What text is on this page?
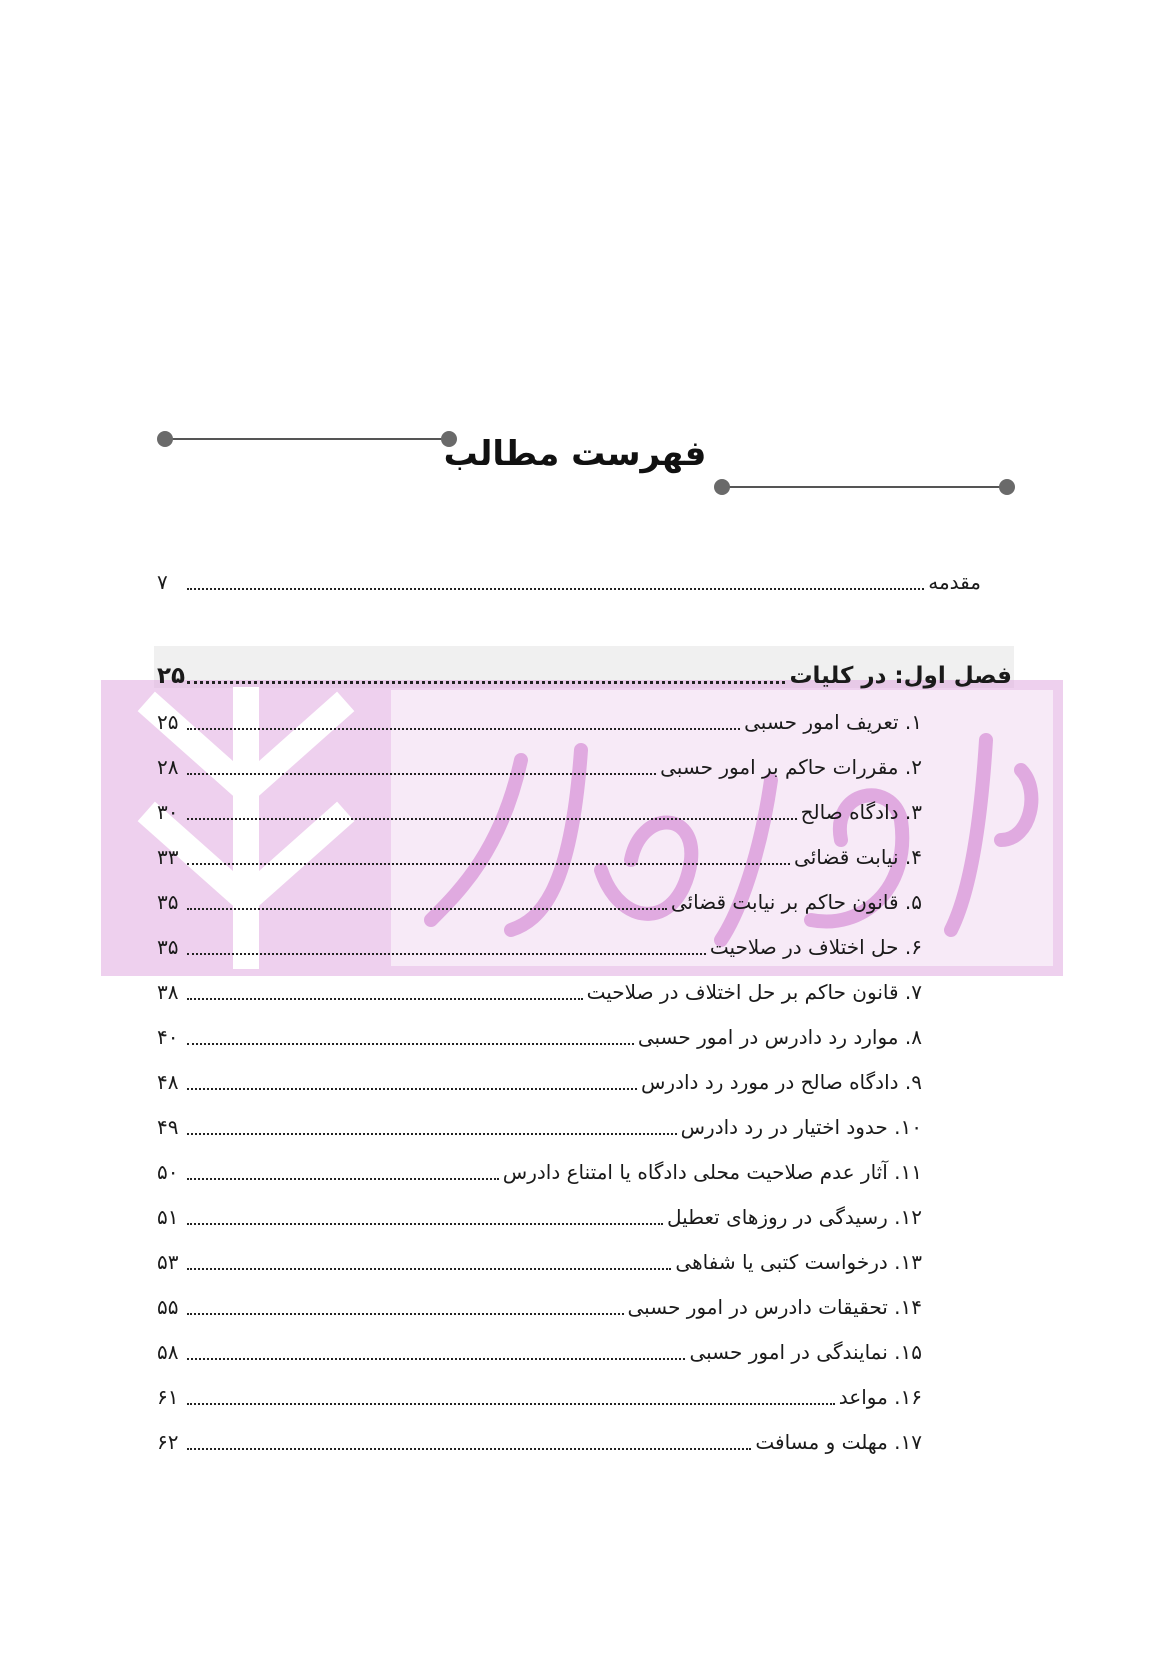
فهرست مطالب
مقدمه
۷
فصل اول: در کلیات
۲۵
۱. تعریف امور حسبی
۲۵
۲. مقررات حاکم بر امور حسبی
۲۸
۳. دادگاه صالح
۳۰
۴. نیابت قضائی
۳۳
۵. قانون حاکم بر نیابت قضائی
۳۵
۶. حل اختلاف در صلاحیت
۳۵
۷. قانون حاکم بر حل اختلاف در صلاحیت
۳۸
۸. موارد رد دادرس در امور حسبی
۴۰
۹. دادگاه صالح در مورد رد دادرس
۴۸
۱۰. حدود اختیار در رد دادرس
۴۹
۱۱. آثار عدم صلاحیت محلی دادگاه یا امتناع دادرس
۵۰
۱۲. رسیدگی در روزهای تعطیل
۵۱
۱۳. درخواست کتبی یا شفاهی
۵۳
۱۴. تحقیقات دادرس در امور حسبی
۵۵
۱۵. نمایندگی در امور حسبی
۵۸
۱۶. مواعد
۶۱
۱۷. مهلت و مسافت
۶۲
